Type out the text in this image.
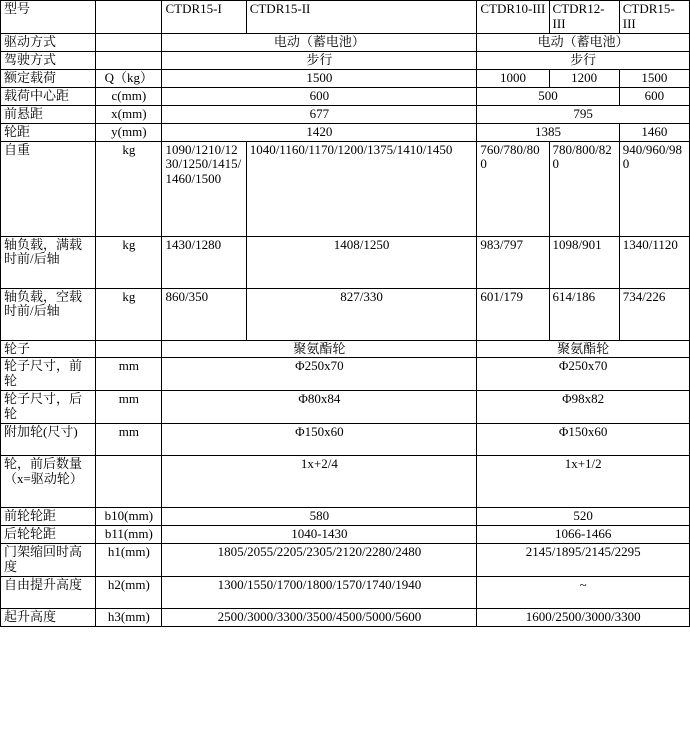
型号		CTDR15-I	CTDR15-II	CTDR10-III	CTDR12-III	CTDR15-III
驱动方式		电动（蓄电池）		电动（蓄电池）		
驾驶方式		步行		步行		
额定载荷	Q（kg）	1500		1000	1200	1500
载荷中心距	c(mm)	600		500		600
前悬距	x(mm)	677		795		
轮距	y(mm)	1420		1385		1460
自重	kg	1090/1210/1230/1250/1415/1460/1500	1040/1160/1170/1200/1375/1410/1450	760/780/800	780/800/820	940/960/980
轴负载，满载时前/后轴	kg	1430/1280	1408/1250	983/797	1098/901	1340/1120
轴负载，空载时前/后轴	kg	860/350	827/330	601/179	614/186	734/226
轮子		聚氨酯轮		聚氨酯轮		
轮子尺寸，前轮	mm	Φ250x70		Φ250x70		
轮子尺寸，后轮	mm	Φ80x84		Φ98x82		
附加轮(尺寸)	mm	Φ150x60		Φ150x60		
轮，前后数量（x=驱动轮）		1x+2/4		1x+1/2		
前轮轮距	b10(mm)	580		520		
后轮轮距	b11(mm)	1040-1430		1066-1466		
门架缩回时高度	h1(mm)	1805/2055/2205/2305/2120/2280/2480		2145/1895/2145/2295		
自由提升高度	h2(mm)	1300/1550/1700/1800/1570/1740/1940		~		
起升高度	h3(mm)	2500/3000/3300/3500/4500/5000/5600		1600/2500/3000/3300		
